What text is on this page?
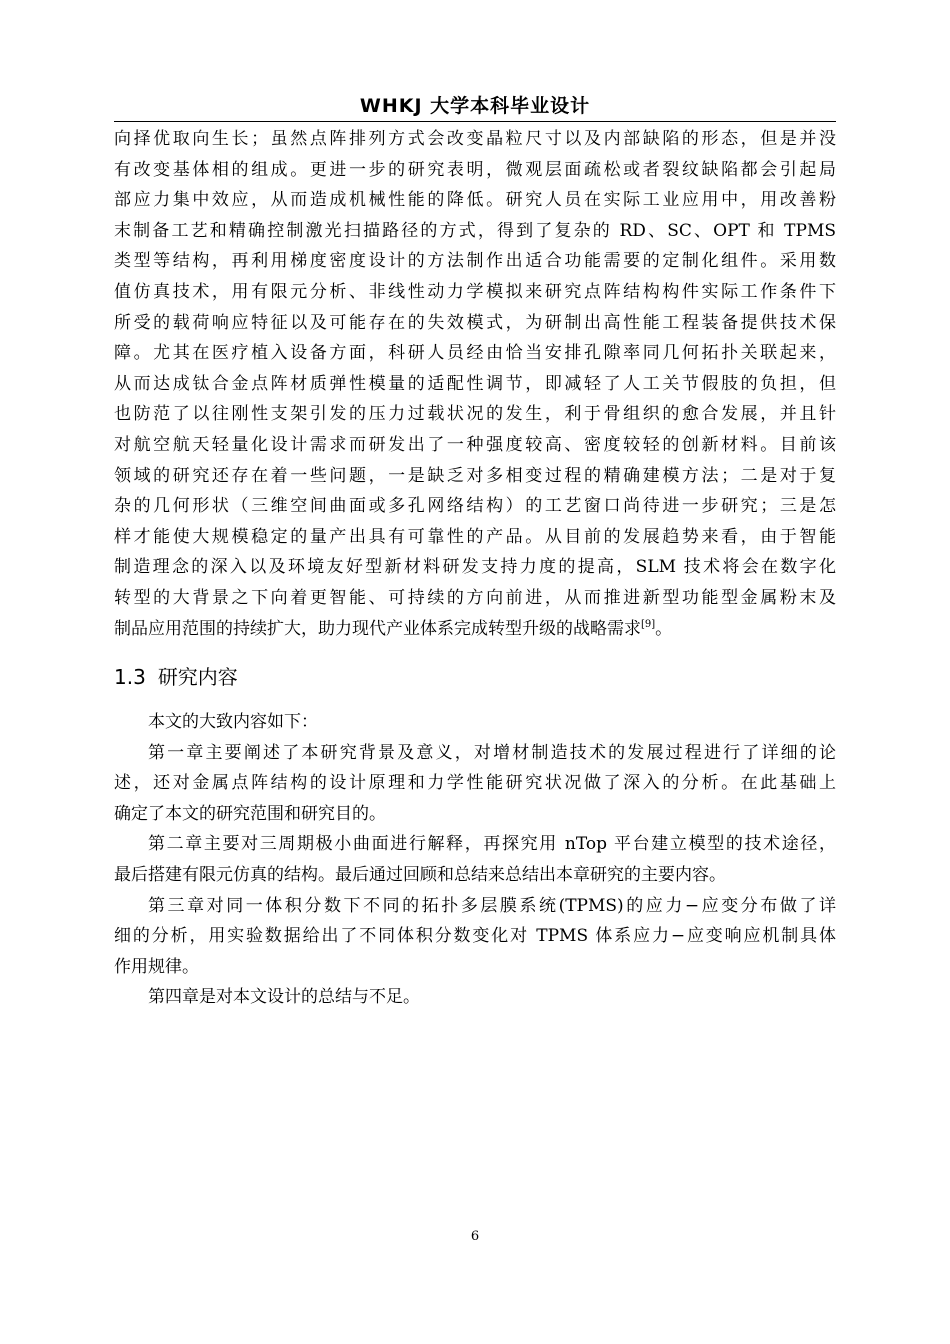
WHKJ 大学本科毕业设计
向择优取向生长；虽然点阵排列方式会改变晶粒尺寸以及内部缺陷的形态，但是并没
有改变基体相的组成。更进一步的研究表明，微观层面疏松或者裂纹缺陷都会引起局
部应力集中效应，从而造成机械性能的降低。研究人员在实际工业应用中，用改善粉
末制备工艺和精确控制激光扫描路径的方式，得到了复杂的 RD、SC、OPT 和 TPMS
类型等结构，再利用梯度密度设计的方法制作出适合功能需要的定制化组件。采用数
值仿真技术，用有限元分析、非线性动力学模拟来研究点阵结构构件实际工作条件下
所受的载荷响应特征以及可能存在的失效模式，为研制出高性能工程装备提供技术保
障。尤其在医疗植入设备方面，科研人员经由恰当安排孔隙率同几何拓扑关联起来，
从而达成钛合金点阵材质弹性模量的适配性调节，即减轻了人工关节假肢的负担，但
也防范了以往刚性支架引发的压力过载状况的发生，利于骨组织的愈合发展，并且针
对航空航天轻量化设计需求而研发出了一种强度较高、密度较轻的创新材料。目前该
领域的研究还存在着一些问题，一是缺乏对多相变过程的精确建模方法；二是对于复
杂的几何形状（三维空间曲面或多孔网络结构）的工艺窗口尚待进一步研究；三是怎
样才能使大规模稳定的量产出具有可靠性的产品。从目前的发展趋势来看，由于智能
制造理念的深入以及环境友好型新材料研发支持力度的提高，SLM 技术将会在数字化
转型的大背景之下向着更智能、可持续的方向前进，从而推进新型功能型金属粉末及
制品应用范围的持续扩大，助力现代产业体系完成转型升级的战略需求[9]。
1.3 研究内容
本文的大致内容如下：
第一章主要阐述了本研究背景及意义，对增材制造技术的发展过程进行了详细的论
述，还对金属点阵结构的设计原理和力学性能研究状况做了深入的分析。在此基础上
确定了本文的研究范围和研究目的。
第二章主要对三周期极小曲面进行解释，再探究用 nTop 平台建立模型的技术途径，
最后搭建有限元仿真的结构。最后通过回顾和总结来总结出本章研究的主要内容。
第三章对同一体积分数下不同的拓扑多层膜系统(TPMS)的应力−应变分布做了详
细的分析，用实验数据给出了不同体积分数变化对 TPMS 体系应力−应变响应机制具体
作用规律。
第四章是对本文设计的总结与不足。
6
